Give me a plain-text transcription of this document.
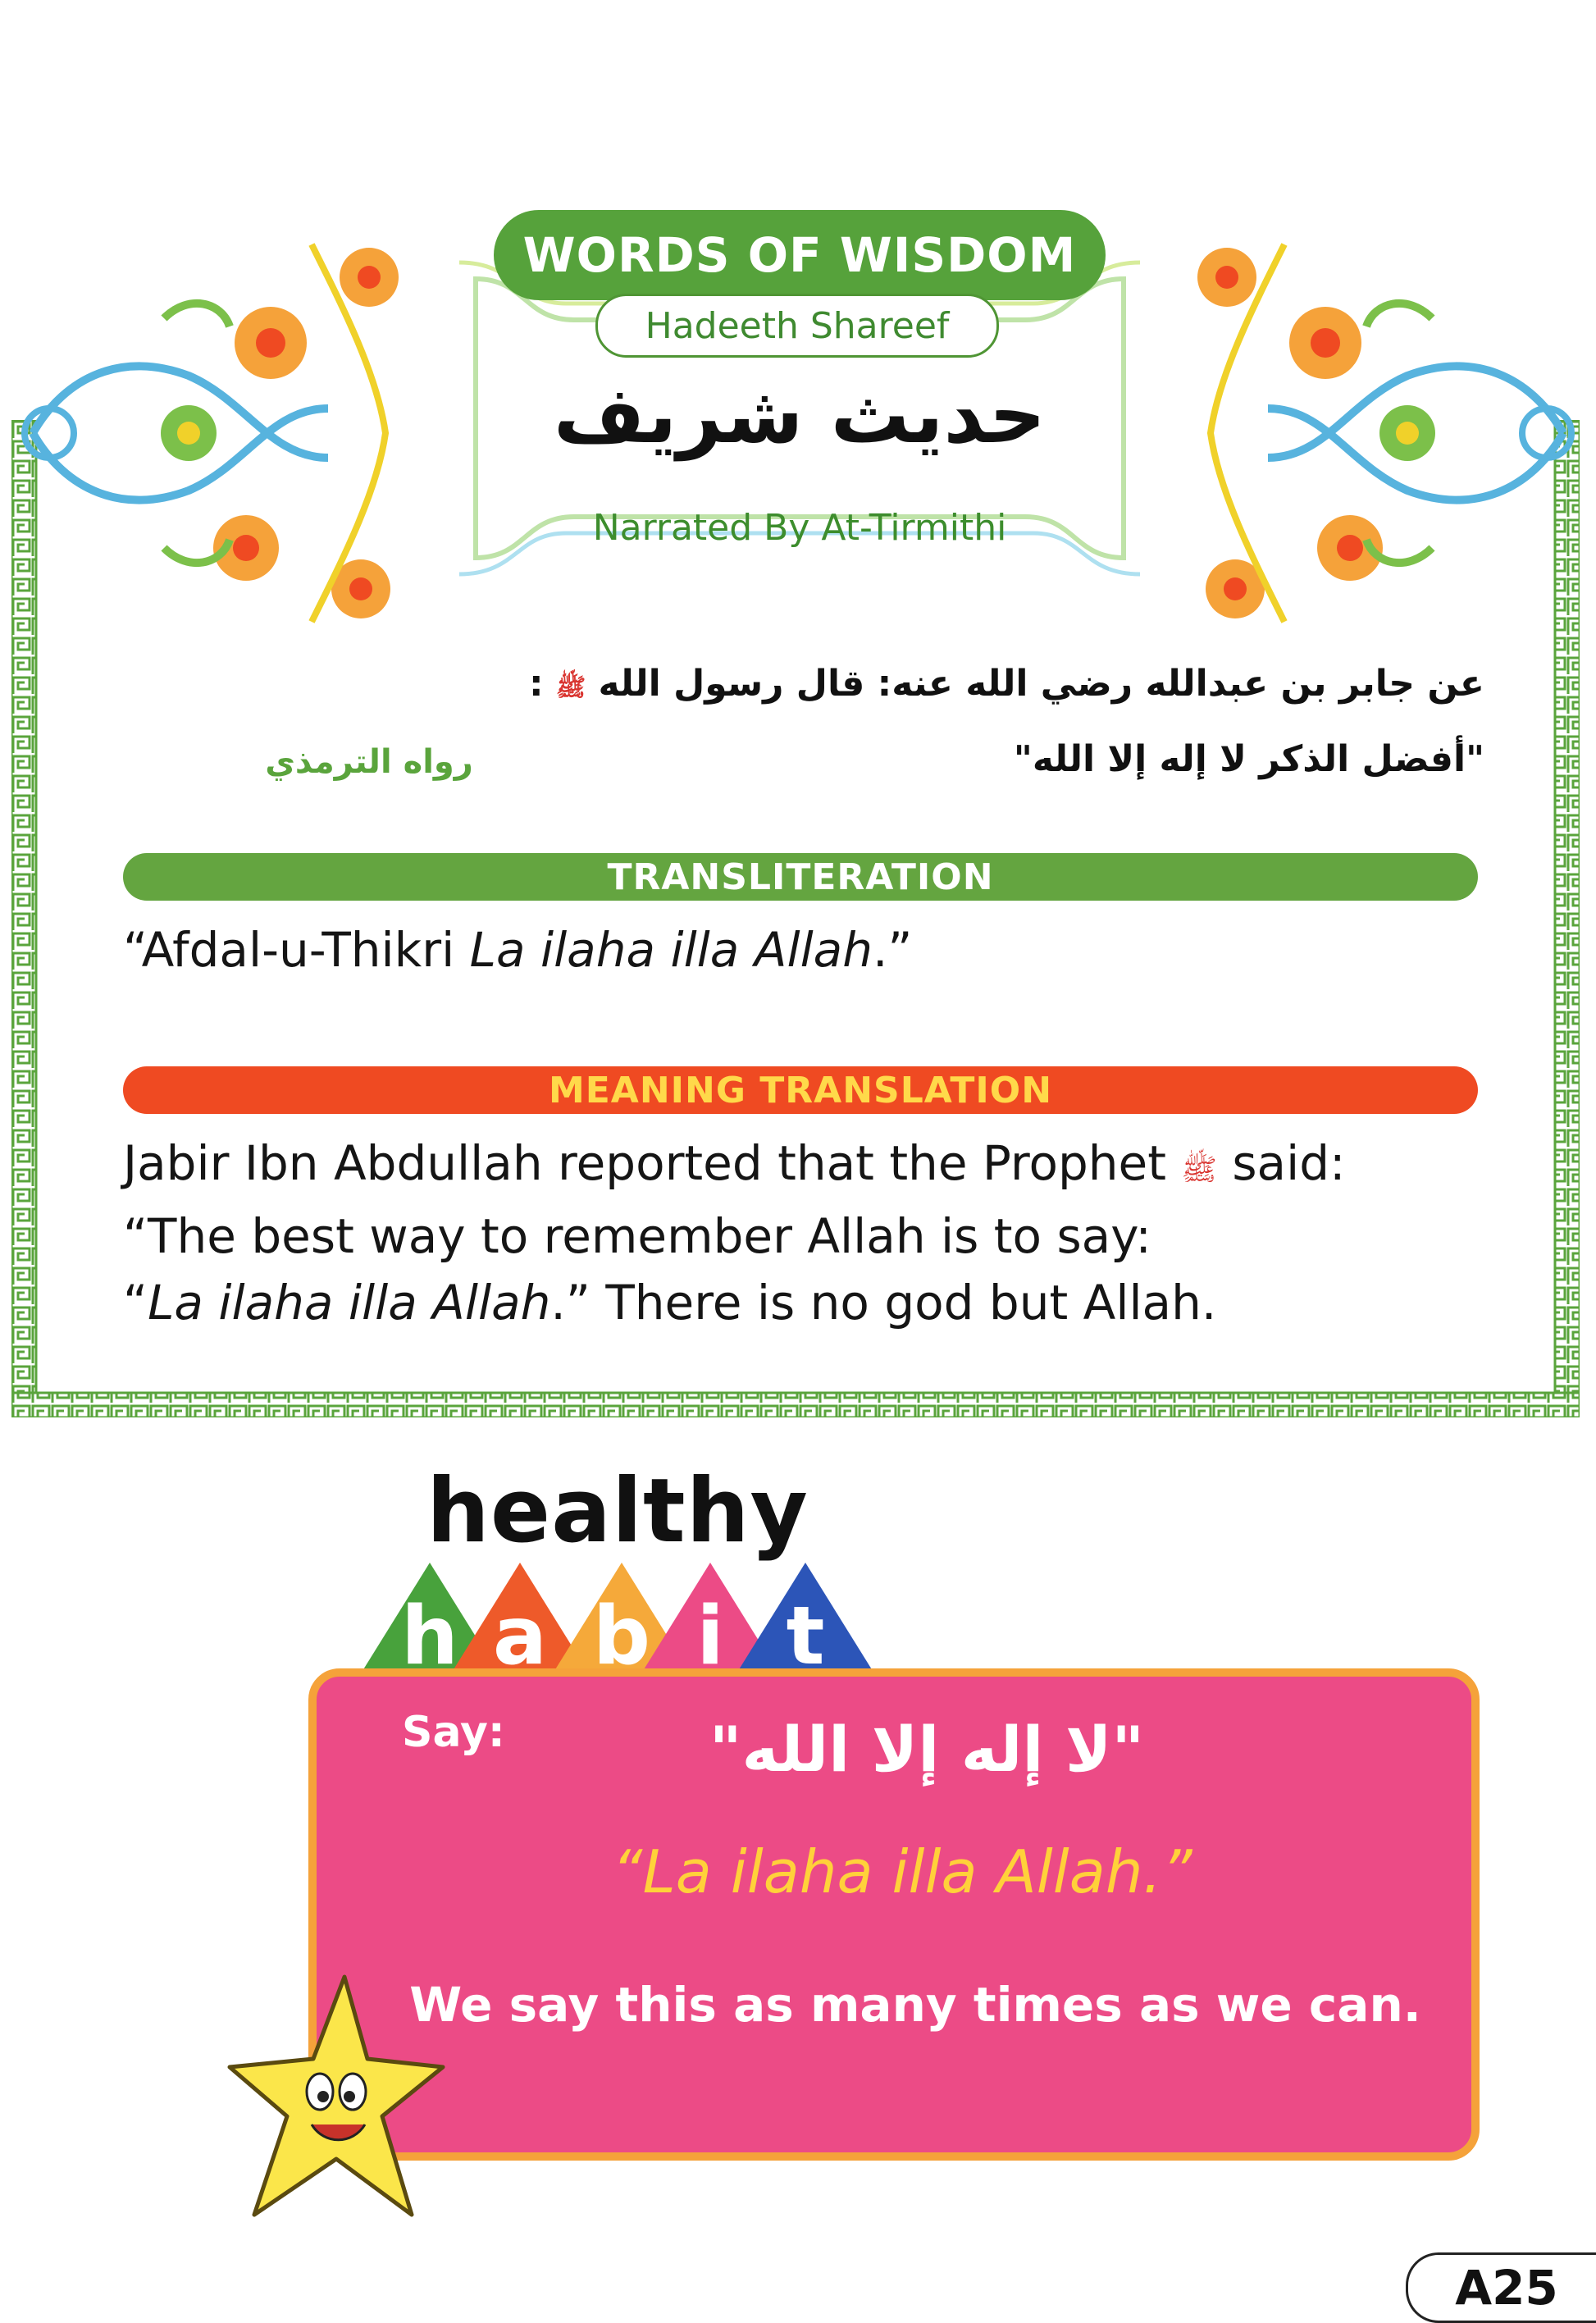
WORDS OF WISDOM
Hadeeth Shareef
حديث شريف
Narrated By At-Tirmithi
عن جابر بن عبدالله رضي الله عنه: قال رسول الله ﷺ :
"أفضل الذكر لا إله إلا الله"
رواه الترمذي
TRANSLITERATION
“Afdal-u-Thikri La ilaha illa Allah.”
MEANING TRANSLATION
Jabir Ibn Abdullah reported that the Prophet ﷺ said:
“The best way to remember Allah is to say:
“La ilaha illa Allah.” There is no god but Allah.
healthy
h a b i t
Say:	"لا إله إلا الله"
“La ilaha illa Allah.”
We say this as many times as we can.
A25
